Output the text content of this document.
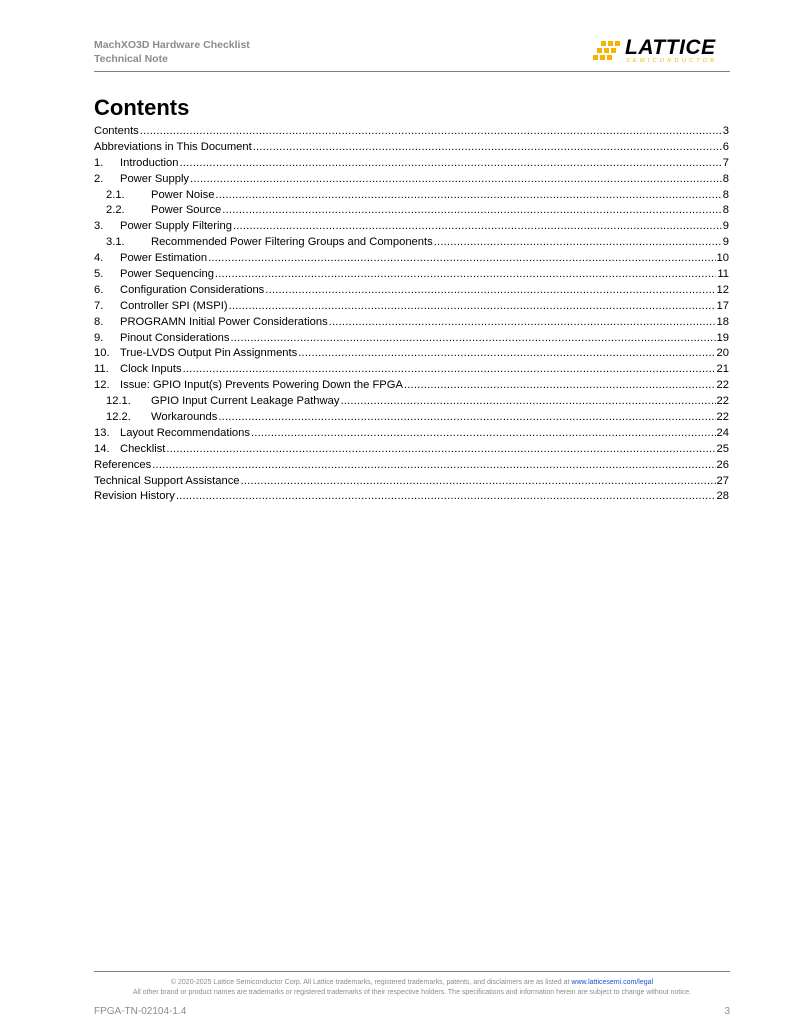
MachXO3D Hardware Checklist
Technical Note	LATTICE
SEMICONDUCTOR
Contents
Contents .....	3
Abbreviations in This Document .....	6
1.	Introduction .....	7
2.	Power Supply .....	8
2.1.	Power Noise .....	8
2.2.	Power Source .....	8
3.	Power Supply Filtering .....	9
3.1.	Recommended Power Filtering Groups and Components .....	9
4.	Power Estimation .....	10
5.	Power Sequencing .....	11
6.	Configuration Considerations .....	12
7.	Controller SPI (MSPI) .....	17
8.	PROGRAMN Initial Power Considerations .....	18
9.	Pinout Considerations .....	19
10. True-LVDS Output Pin Assignments .....	20
11.	Clock Inputs .....	21
12. Issue: GPIO Input(s) Prevents Powering Down the FPGA .....	22
12.1.	GPIO Input Current Leakage Pathway .....	22
12.2.	Workarounds .....	22
13. Layout Recommendations .....	24
14. Checklist .....	25
References .....	26
Technical Support Assistance .....	27
Revision History .....	28
© 2020-2025 Lattice Semiconductor Corp. All Lattice trademarks, registered trademarks, patents, and disclaimers are as listed at www.latticesemi.com/legal
All other brand or product names are trademarks or registered trademarks of their respective holders. The specifications and information herein are subject to change without notice.
FPGA-TN-02104-1.4	3
